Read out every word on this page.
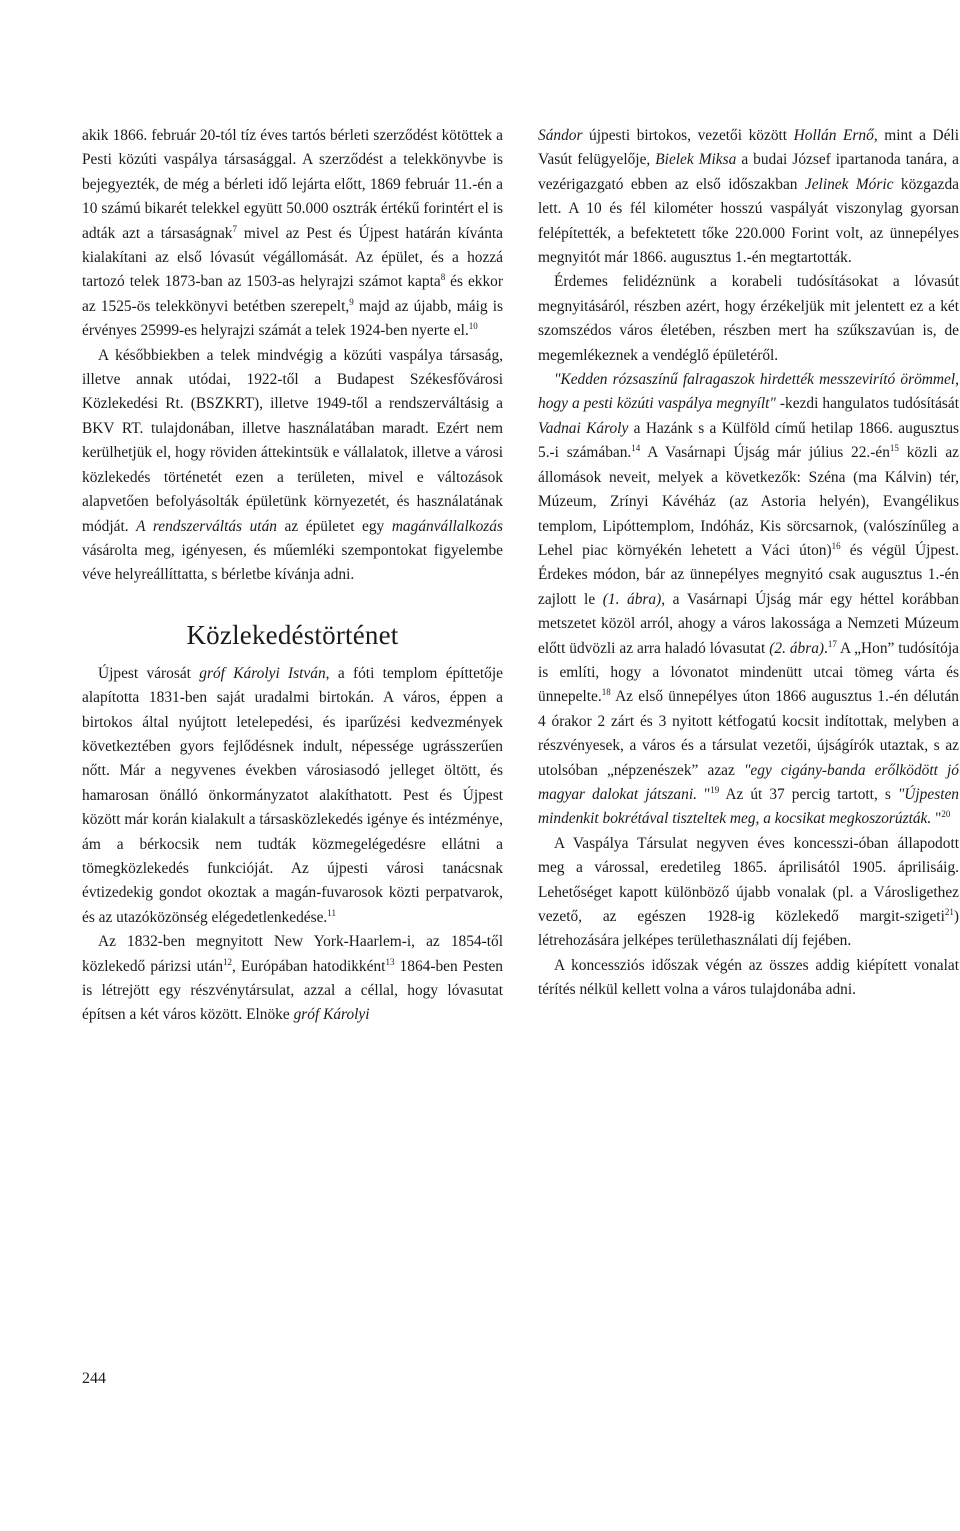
akik 1866. február 20-tól tíz éves tartós bérleti szerződést kötöttek a Pesti közúti vaspálya társasággal. A szerződést a telekkönyvbe is bejegyezték, de még a bérleti idő lejárta előtt, 1869 február 11.-én a 10 számú bikarét telekkel együtt 50.000 osztrák értékű forintért el is adták azt a társaságnak$^7$ mivel az Pest és Újpest határán kívánta kialakítani az első lóvasút végállomását. Az épület, és a hozzá tartozó telek 1873-ban az 1503-as helyrajzi számot kapta$^8$ és ekkor az 1525-ös telekkönyvi betétben szerepelt,$^9$ majd az újabb, máig is érvényes 25999-es helyrajzi számát a telek 1924-ben nyerte el.$^{10}$

A későbbiekben a telek mindvégig a közúti vaspálya társaság, illetve annak utódai, 1922-től a Budapest Székesfővárosi Közlekedési Rt. (BSZKRT), illetve 1949-től a rendszerváltásig a BKV RT. tulajdonában, illetve használatában maradt. Ezért nem kerülhetjük el, hogy röviden áttekintsük e vállalatok, illetve a városi közlekedés történetét ezen a területen, mivel e változások alapvetően befolyásolták épületünk környezetét, és használatának módját. A rendszerváltás után az épületet egy magánvállalkozás vásárolta meg, igényesen, és műemléki szempontokat figyelembe véve helyreállíttatta, s bérletbe kívánja adni.

Közlekedéstörténet

Újpest városát gróf Károlyi István, a fóti templom építtetője alapította 1831-ben saját uradalmi birtokán. A város, éppen a birtokos által nyújtott letelepedési, és iparűzési kedvezmények következtében gyors fejlődésnek indult, népessége ugrásszerűen nőtt. Már a negyvenes években városiasodó jelleget öltött, és hamarosan önálló önkormányzatot alakíthatott. Pest és Újpest között már korán kialakult a társasközlekedés igénye és intézménye, ám a bérkocsik nem tudták közmegelégedésre ellátni a tömegközlekedés funkcióját. Az újpesti városi tanácsnak évtizedekig gondot okoztak a magán-fuvarosok közti perpatvarok, és az utazóközönség elégedetlenkedése.$^{11}$

Az 1832-ben megnyitott New York-Haarlem-i, az 1854-től közlekedő párizsi után$^{12}$, Európában hatodikként$^{13}$ 1864-ben Pesten is létrejött egy részvénytársulat, azzal a céllal, hogy lóvasutat építsen a két város között. Elnöke gróf Károlyi

Sándor újpesti birtokos, vezetői között Hollán Ernő, mint a Déli Vasút felügyelője, Bielek Miksa a budai József ipartanoda tanára, a vezérigazgató ebben az első időszakban Jelinek Móric közgazda lett. A 10 és fél kilométer hosszú vaspályát viszonylag gyorsan felépítették, a befektetett tőke 220.000 Forint volt, az ünnepélyes megnyitót már 1866. augusztus 1.-én megtartották.

Érdemes felidéznünk a korabeli tudósításokat a lóvasút megnyitásáról, részben azért, hogy érzékeljük mit jelentett ez a két szomszédos város életében, részben mert ha szűkszavúan is, de megemlékeznek a vendéglő épületéről.

"Kedden rózsaszínű falragaszok hirdették messzevirító örömmel, hogy a pesti közúti vaspálya megnyílt" -kezdi hangulatos tudósítását Vadnai Károly a Hazánk s a Külföld című hetilap 1866. augusztus 5.-i számában.$^{14}$ A Vasárnapi Újság már július $22.-én^{15}$ közli az állomások neveit, melyek a következők: Széna (ma Kálvin) tér, Múzeum, Zrínyi Kávéház (az Astoria helyén), Evangélikus templom, Lipóttemplom, Indóház, Kis sörcsarnok, (valószínűleg a Lehel piac környékén lehetett a Váci úton)$^{16}$ és végül Újpest. Érdekes módon, bár az ünnepélyes megnyitó csak augusztus 1.-én zajlott le (1. ábra), a Vasárnapi Újság már egy héttel korábban metszetet közöl arról, ahogy a város lakossága a Nemzeti Múzeum előtt üdvözli az arra haladó lóvasutat (2. ábra).$^{17}$ A „Hon” tudósítója is említi, hogy a lóvonatot mindenütt utcai tömeg várta és ünnepelte.$^{18}$ Az első ünnepélyes úton 1866 augusztus 1.-én délután 4 órakor 2 zárt és 3 nyitott kétfogatú kocsit indítottak, melyben a részvényesek, a város és a társulat vezetői, újságírók utaztak, s az utolsóban „népzenészek” azaz "egy cigány-banda erőlködött jó magyar dalokat játszani. "$^{19}$ Az út 37 percig tartott, s "Újpesten mindenkit bokrétával tiszteltek meg, a kocsikat megkoszorúzták. "$^{20}$

A Vaspálya Társulat negyven éves koncesszi-óban állapodott meg a várossal, eredetileg 1865. áprilisától 1905. áprilisáig. Lehetőséget kapott különböző újabb vonalak (pl. a Városligethez vezető, az egészen 1928-ig közlekedő margit-szigeti$^{21}$) létrehozására jelképes területhasználati díj fejében.

A koncessziós időszak végén az összes addig kiépített vonalat térítés nélkül kellett volna a város tulajdonába adni.

244
